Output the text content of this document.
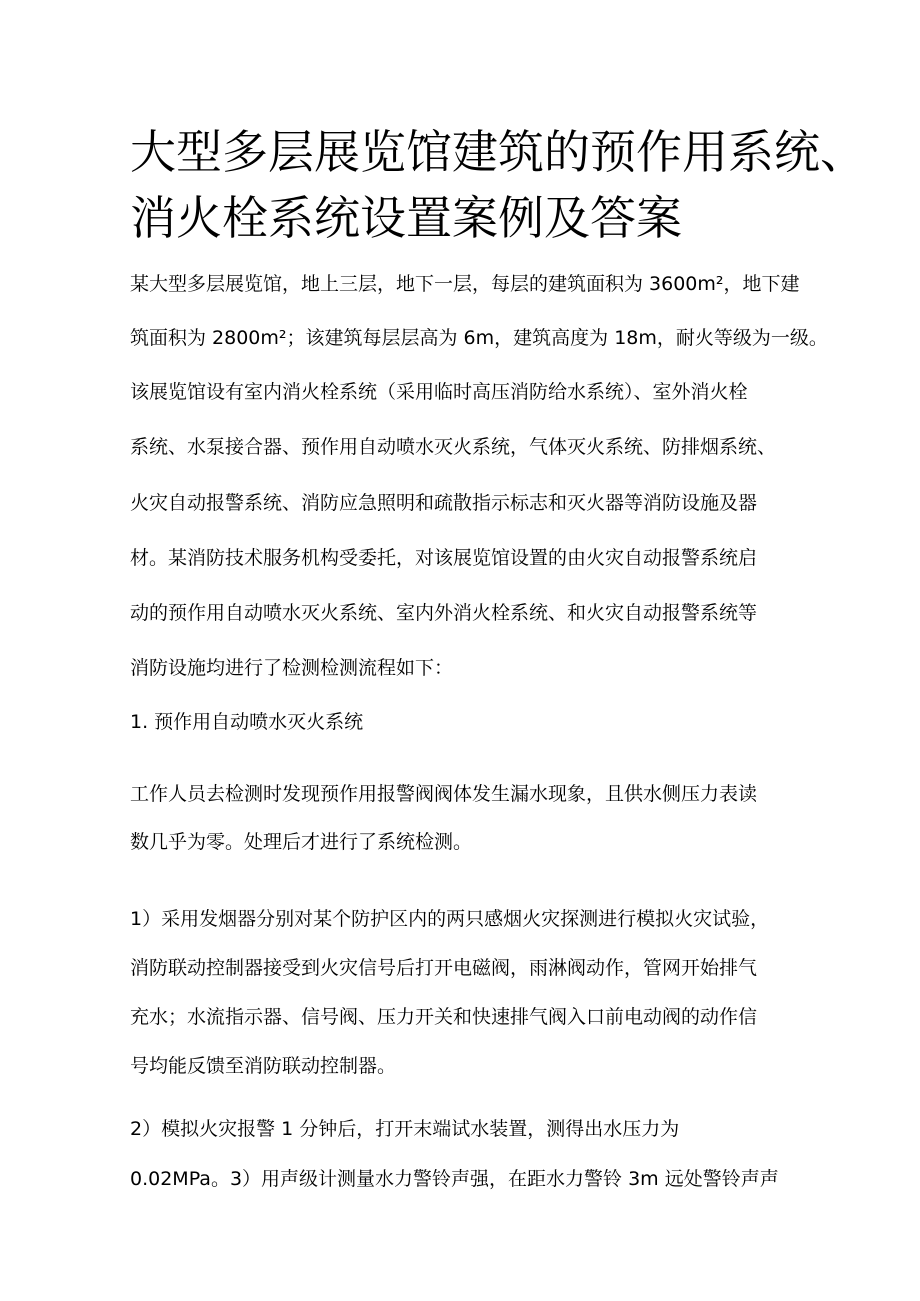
大型多层展览馆建筑的预作用系统、
消火栓系统设置案例及答案
某大型多层展览馆，地上三层，地下一层，每层的建筑面积为 3600m²，地下建
筑面积为 2800m²；该建筑每层层高为 6m，建筑高度为 18m，耐火等级为一级。
该展览馆设有室内消火栓系统（采用临时高压消防给水系统）、室外消火栓
系统、水泵接合器、预作用自动喷水灭火系统，气体灭火系统、防排烟系统、
火灾自动报警系统、消防应急照明和疏散指示标志和灭火器等消防设施及器
材。某消防技术服务机构受委托，对该展览馆设置的由火灾自动报警系统启
动的预作用自动喷水灭火系统、室内外消火栓系统、和火灾自动报警系统等
消防设施均进行了检测检测流程如下：
1. 预作用自动喷水灭火系统
工作人员去检测时发现预作用报警阀阀体发生漏水现象，且供水侧压力表读
数几乎为零。处理后才进行了系统检测。
1）采用发烟器分别对某个防护区内的两只感烟火灾探测进行模拟火灾试验，
消防联动控制器接受到火灾信号后打开电磁阀，雨淋阀动作，管网开始排气
充水；水流指示器、信号阀、压力开关和快速排气阀入口前电动阀的动作信
号均能反馈至消防联动控制器。
2）模拟火灾报警 1 分钟后，打开末端试水装置，测得出水压力为
0.02MPa。3）用声级计测量水力警铃声强，在距水力警铃 3m 远处警铃声声
